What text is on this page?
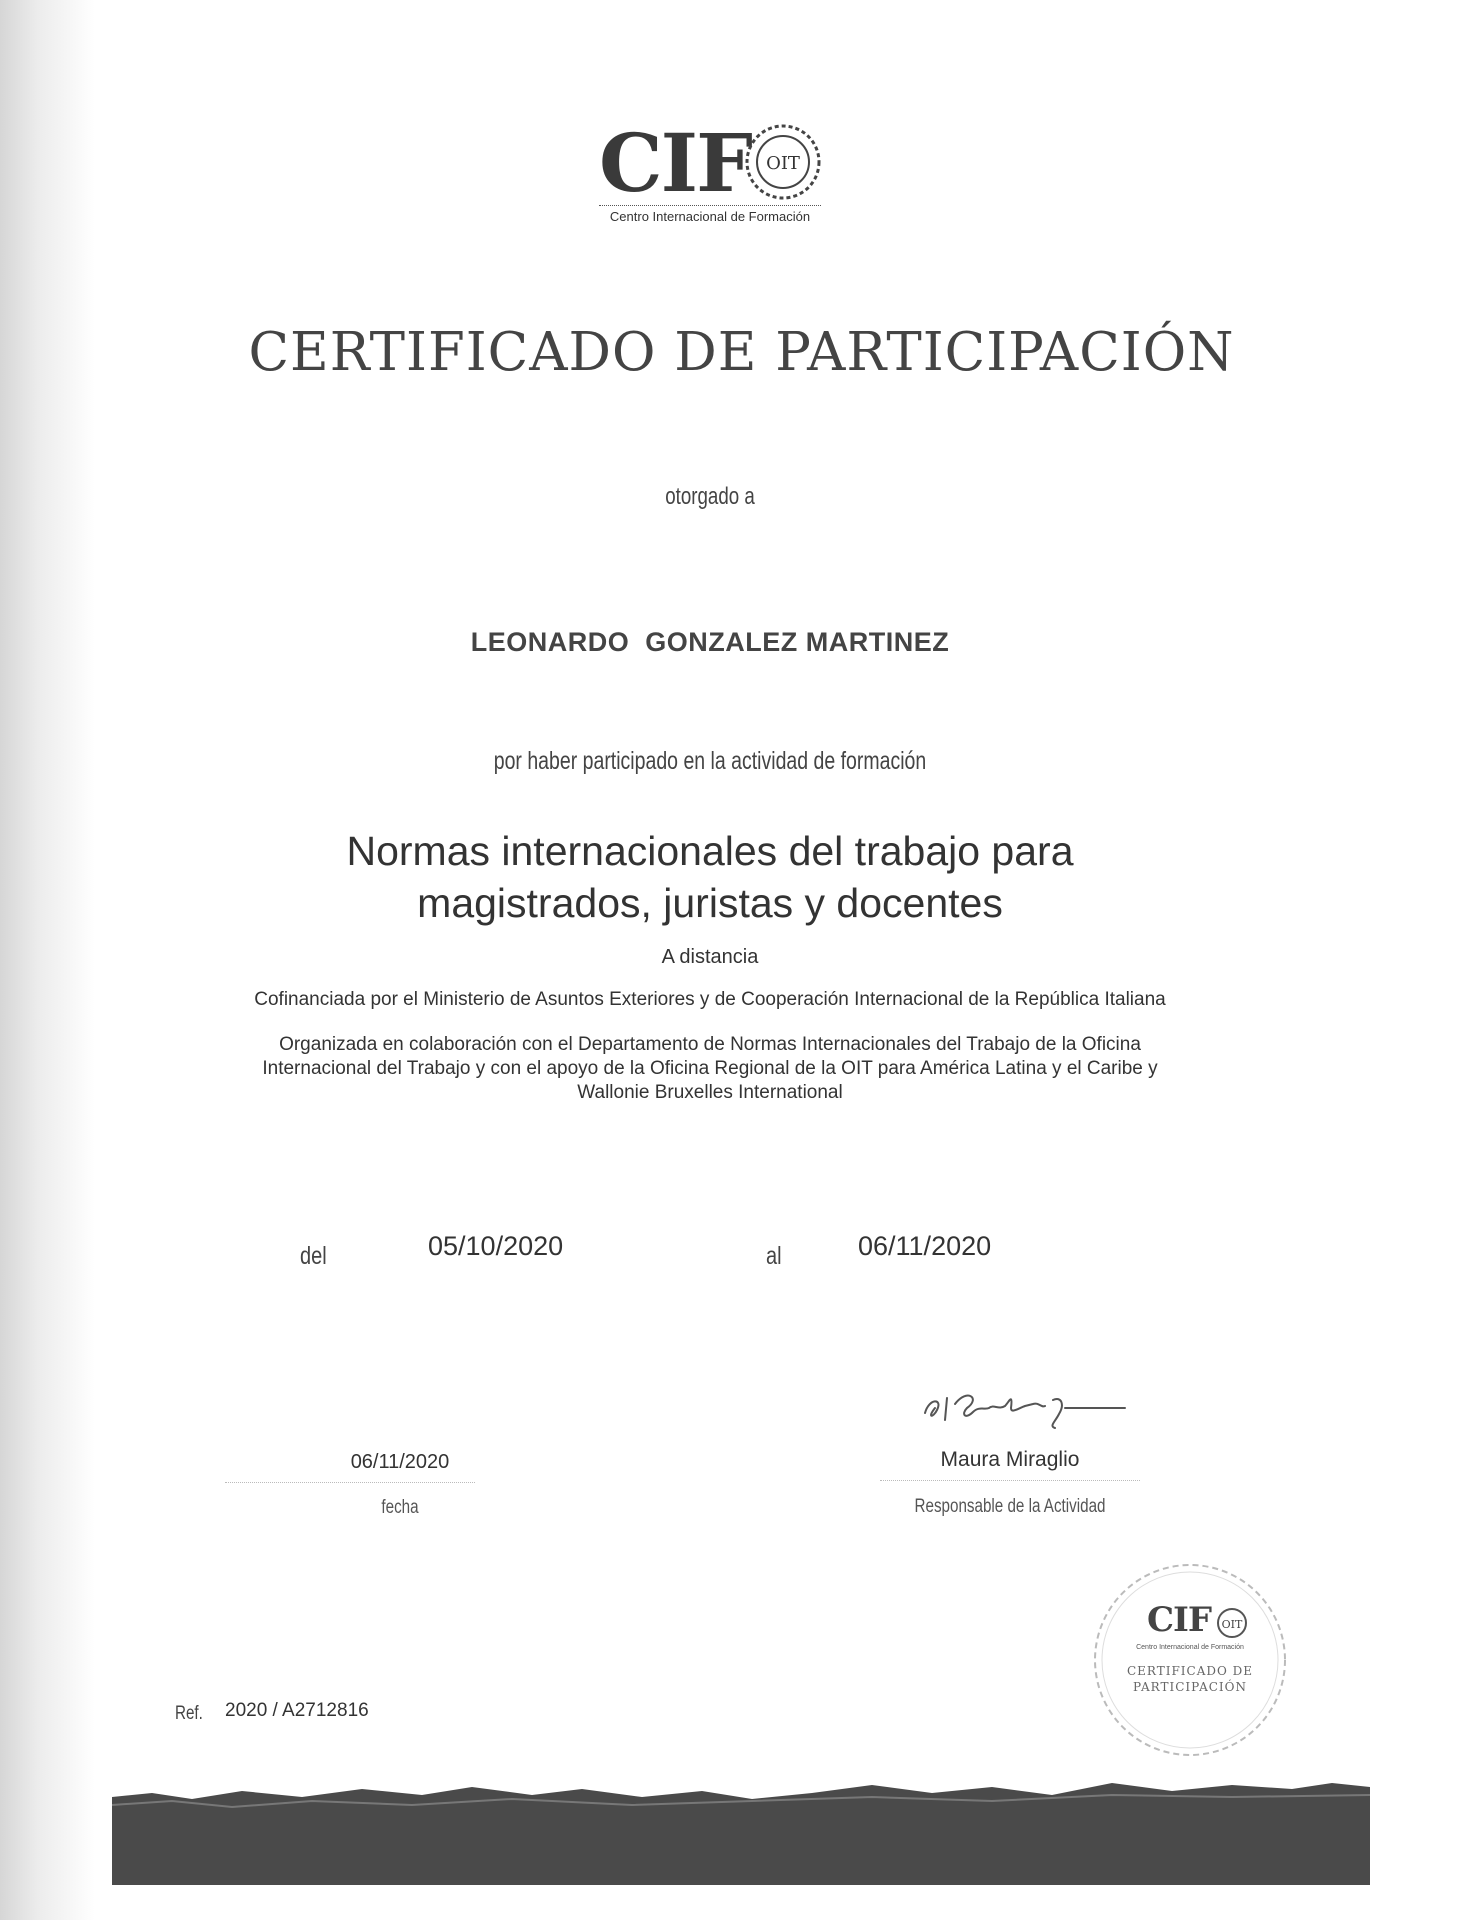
CIF OIT
Centro Internacional de Formación
CERTIFICADO DE PARTICIPACIÓN
otorgado a
LEONARDO  GONZALEZ MARTINEZ
por haber participado en la actividad de formación
Normas internacionales del trabajo para
magistrados, juristas y docentes
A distancia
Cofinanciada por el Ministerio de Asuntos Exteriores y de Cooperación Internacional de la República Italiana
Organizada en colaboración con el Departamento de Normas Internacionales del Trabajo de la Oficina
Internacional del Trabajo y con el apoyo de la Oficina Regional de la OIT para América Latina y el Caribe y
Wallonie Bruxelles International
del	05/10/2020	al	06/11/2020
06/11/2020
fecha
Maura Miraglio
Responsable de la Actividad
OIT
CIF
Centro Internacional de Formación
CERTIFICADO DE
PARTICIPACIÓN
Ref. 2020 / A2712816
